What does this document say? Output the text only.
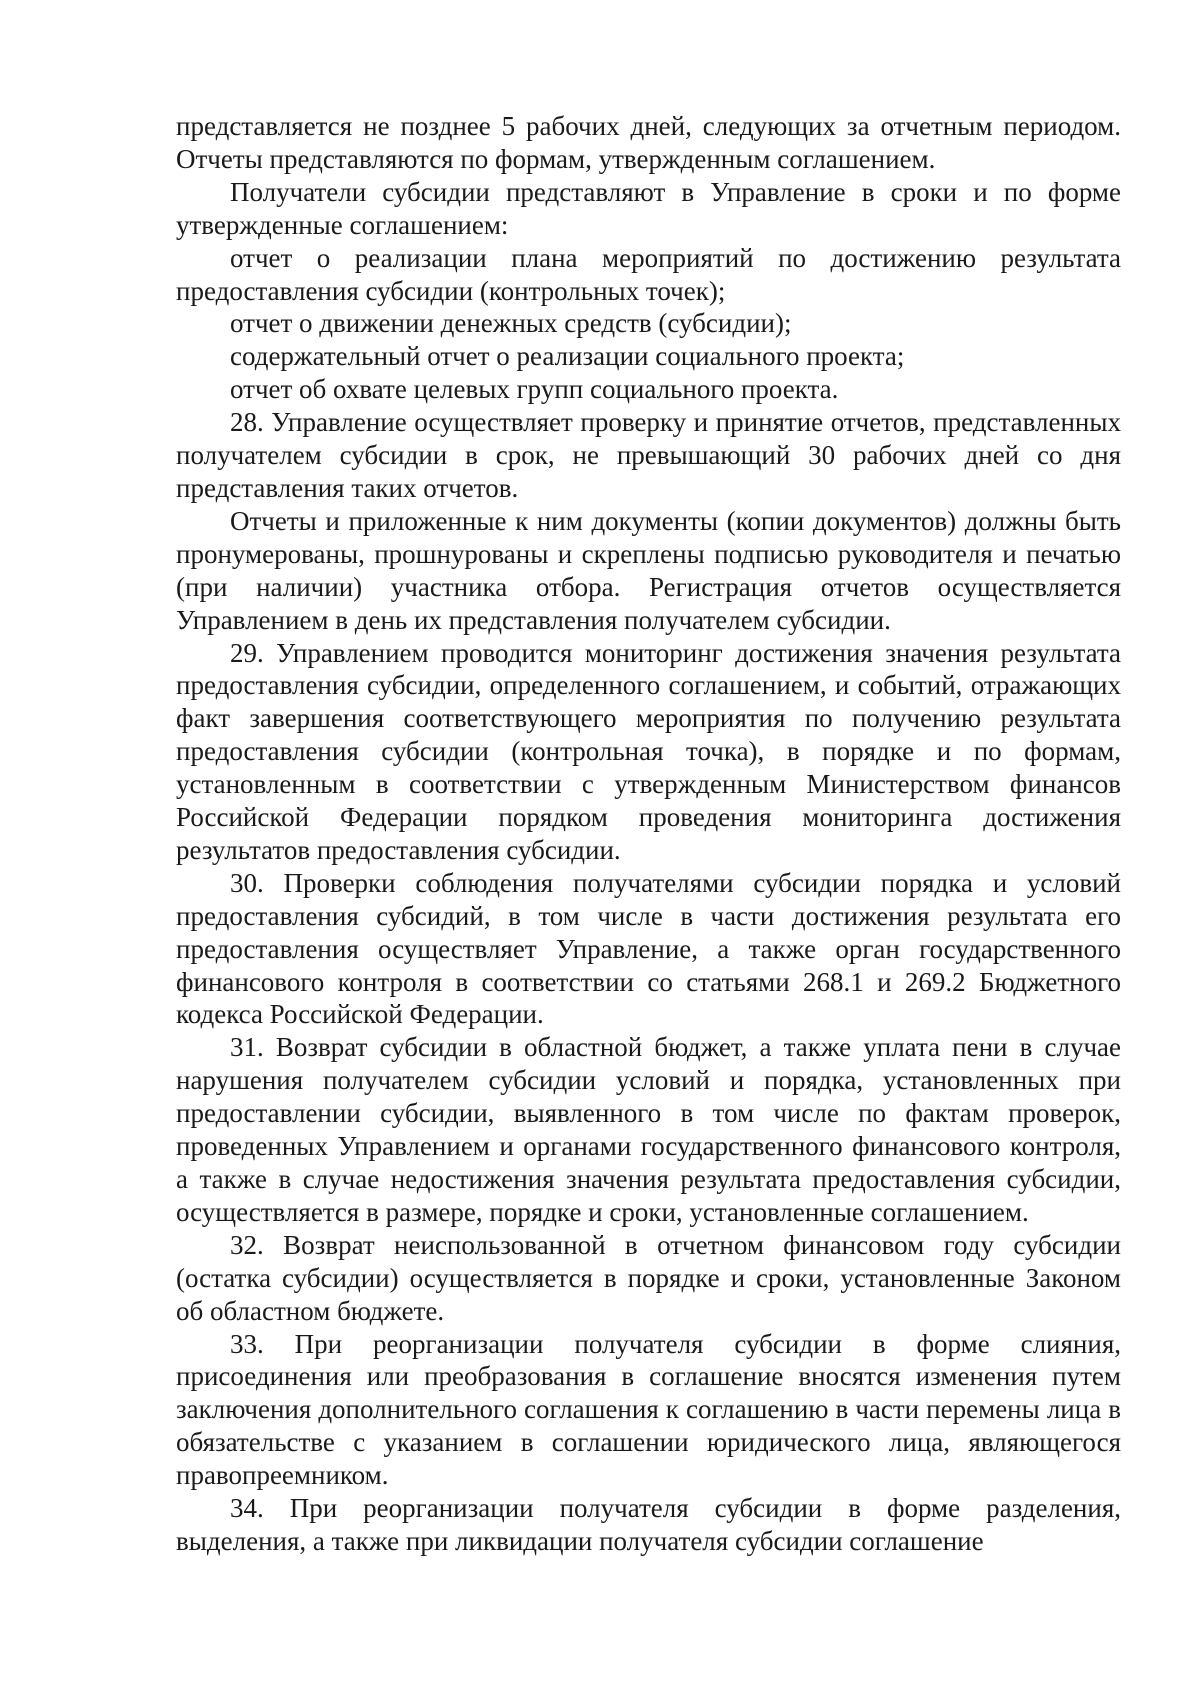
представляется не позднее 5 рабочих дней, следующих за отчетным периодом. Отчеты представляются по формам, утвержденным соглашением.

Получатели субсидии представляют в Управление в сроки и по форме утвержденные соглашением:

отчет о реализации плана мероприятий по достижению результата предоставления субсидии (контрольных точек);

отчет о движении денежных средств (субсидии);

содержательный отчет о реализации социального проекта;

отчет об охвате целевых групп социального проекта.

28. Управление осуществляет проверку и принятие отчетов, представленных получателем субсидии в срок, не превышающий 30 рабочих дней со дня представления таких отчетов.

Отчеты и приложенные к ним документы (копии документов) должны быть пронумерованы, прошнурованы и скреплены подписью руководителя и печатью (при наличии) участника отбора. Регистрация отчетов осуществляется Управлением в день их представления получателем субсидии.

29. Управлением проводится мониторинг достижения значения результата предоставления субсидии, определенного соглашением, и событий, отражающих факт завершения соответствующего мероприятия по получению результата предоставления субсидии (контрольная точка), в порядке и по формам, установленным в соответствии с утвержденным Министерством финансов Российской Федерации порядком проведения мониторинга достижения результатов предоставления субсидии.

30. Проверки соблюдения получателями субсидии порядка и условий предоставления субсидий, в том числе в части достижения результата его предоставления осуществляет Управление, а также орган государственного финансового контроля в соответствии со статьями 268.1 и 269.2 Бюджетного кодекса Российской Федерации.

31. Возврат субсидии в областной бюджет, а также уплата пени в случае нарушения получателем субсидии условий и порядка, установленных при предоставлении субсидии, выявленного в том числе по фактам проверок, проведенных Управлением и органами государственного финансового контроля, а также в случае недостижения значения результата предоставления субсидии, осуществляется в размере, порядке и сроки, установленные соглашением.

32. Возврат неиспользованной в отчетном финансовом году субсидии (остатка субсидии) осуществляется в порядке и сроки, установленные Законом об областном бюджете.

33. При реорганизации получателя субсидии в форме слияния, присоединения или преобразования в соглашение вносятся изменения путем заключения дополнительного соглашения к соглашению в части перемены лица в обязательстве с указанием в соглашении юридического лица, являющегося правопреемником.

34. При реорганизации получателя субсидии в форме разделения, выделения, а также при ликвидации получателя субсидии соглашение
